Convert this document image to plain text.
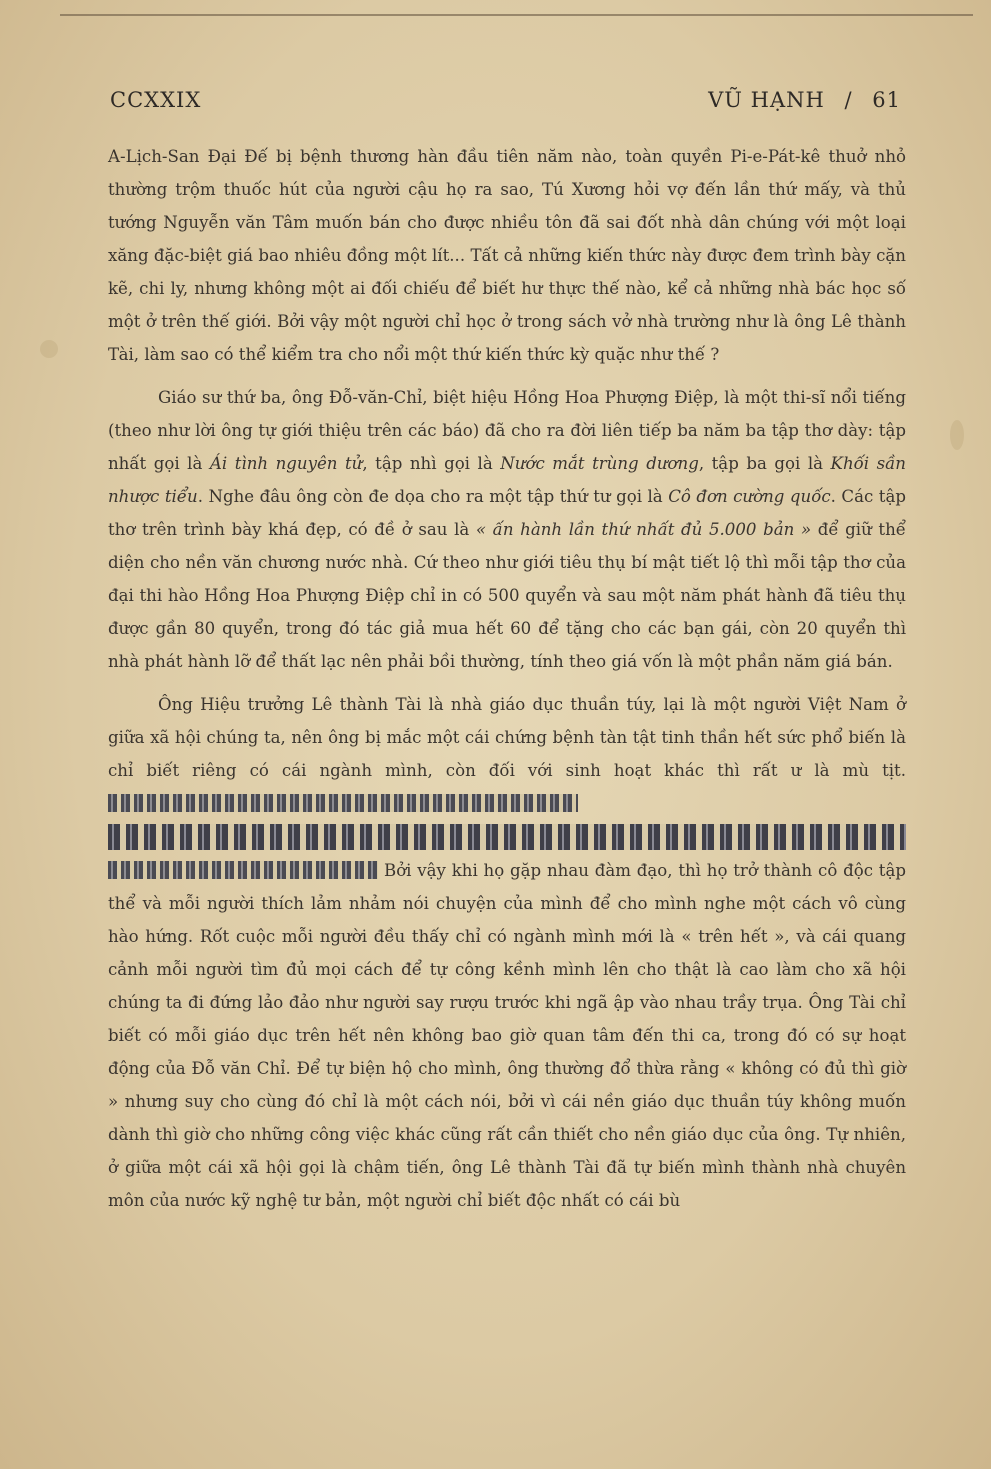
CCXXIX	VŨ HẠNH / 61

A-Lịch-San Đại Đế bị bệnh thương hàn đầu tiên năm nào, toàn quyền Pi-e-Pát-kê thuở nhỏ thường trộm thuốc hút của người cậu họ ra sao, Tú Xương hỏi vợ đến lần thứ mấy, và thủ tướng Nguyễn văn Tâm muốn bán cho được nhiều tôn đã sai đốt nhà dân chúng với một loại xăng đặc-biệt giá bao nhiêu đồng một lít... Tất cả những kiến thức này được đem trình bày cặn kẽ, chi ly, nhưng không một ai đối chiếu để biết hư thực thế nào, kể cả những nhà bác học số một ở trên thế giới. Bởi vậy một người chỉ học ở trong sách vở nhà trường như là ông Lê thành Tài, làm sao có thể kiểm tra cho nổi một thứ kiến thức kỳ quặc như thế ?

Giáo sư thứ ba, ông Đỗ-văn-Chỉ, biệt hiệu Hồng Hoa Phượng Điệp, là một thi-sĩ nổi tiếng (theo như lời ông tự giới thiệu trên các báo) đã cho ra đời liên tiếp ba năm ba tập thơ dày: tập nhất gọi là Ái tình nguyên tử, tập nhì gọi là Nước mắt trùng dương, tập ba gọi là Khối sần nhược tiểu. Nghe đâu ông còn đe dọa cho ra một tập thứ tư gọi là Cô đơn cường quốc. Các tập thơ trên trình bày khá đẹp, có đề ở sau là « ấn hành lần thứ nhất đủ 5.000 bản » để giữ thể diện cho nền văn chương nước nhà. Cứ theo như giới tiêu thụ bí mật tiết lộ thì mỗi tập thơ của đại thi hào Hồng Hoa Phượng Điệp chỉ in có 500 quyển và sau một năm phát hành đã tiêu thụ được gần 80 quyển, trong đó tác giả mua hết 60 để tặng cho các bạn gái, còn 20 quyển thì nhà phát hành lỡ để thất lạc nên phải bồi thường, tính theo giá vốn là một phần năm giá bán.

Ông Hiệu trưởng Lê thành Tài là nhà giáo dục thuần túy, lại là một người Việt Nam ở giữa xã hội chúng ta, nên ông bị mắc một cái chứng bệnh tàn tật tinh thần hết sức phổ biến là chỉ biết riêng có cái ngành mình, còn đối với sinh hoạt khác thì rất ư là mù tịt.
Bởi vậy khi họ gặp nhau đàm đạo, thì họ trở thành cô độc tập thể và mỗi người thích lảm nhảm nói chuyện của mình để cho mình nghe một cách vô cùng hào hứng. Rốt cuộc mỗi người đều thấy chỉ có ngành mình mới là « trên hết », và cái quang cảnh mỗi người tìm đủ mọi cách để tự công kềnh mình lên cho thật là cao làm cho xã hội chúng ta đi đứng lảo đảo như người say rượu trước khi ngã ập vào nhau trầy trụa. Ông Tài chỉ biết có mỗi giáo dục trên hết nên không bao giờ quan tâm đến thi ca, trong đó có sự hoạt động của Đỗ văn Chỉ. Để tự biện hộ cho mình, ông thường đổ thừa rằng « không có đủ thì giờ » nhưng suy cho cùng đó chỉ là một cách nói, bởi vì cái nền giáo dục thuần túy không muốn dành thì giờ cho những công việc khác cũng rất cần thiết cho nền giáo dục của ông. Tự nhiên, ở giữa một cái xã hội gọi là chậm tiến, ông Lê thành Tài đã tự biến mình thành nhà chuyên môn của nước kỹ nghệ tư bản, một người chỉ biết độc nhất có cái bù
